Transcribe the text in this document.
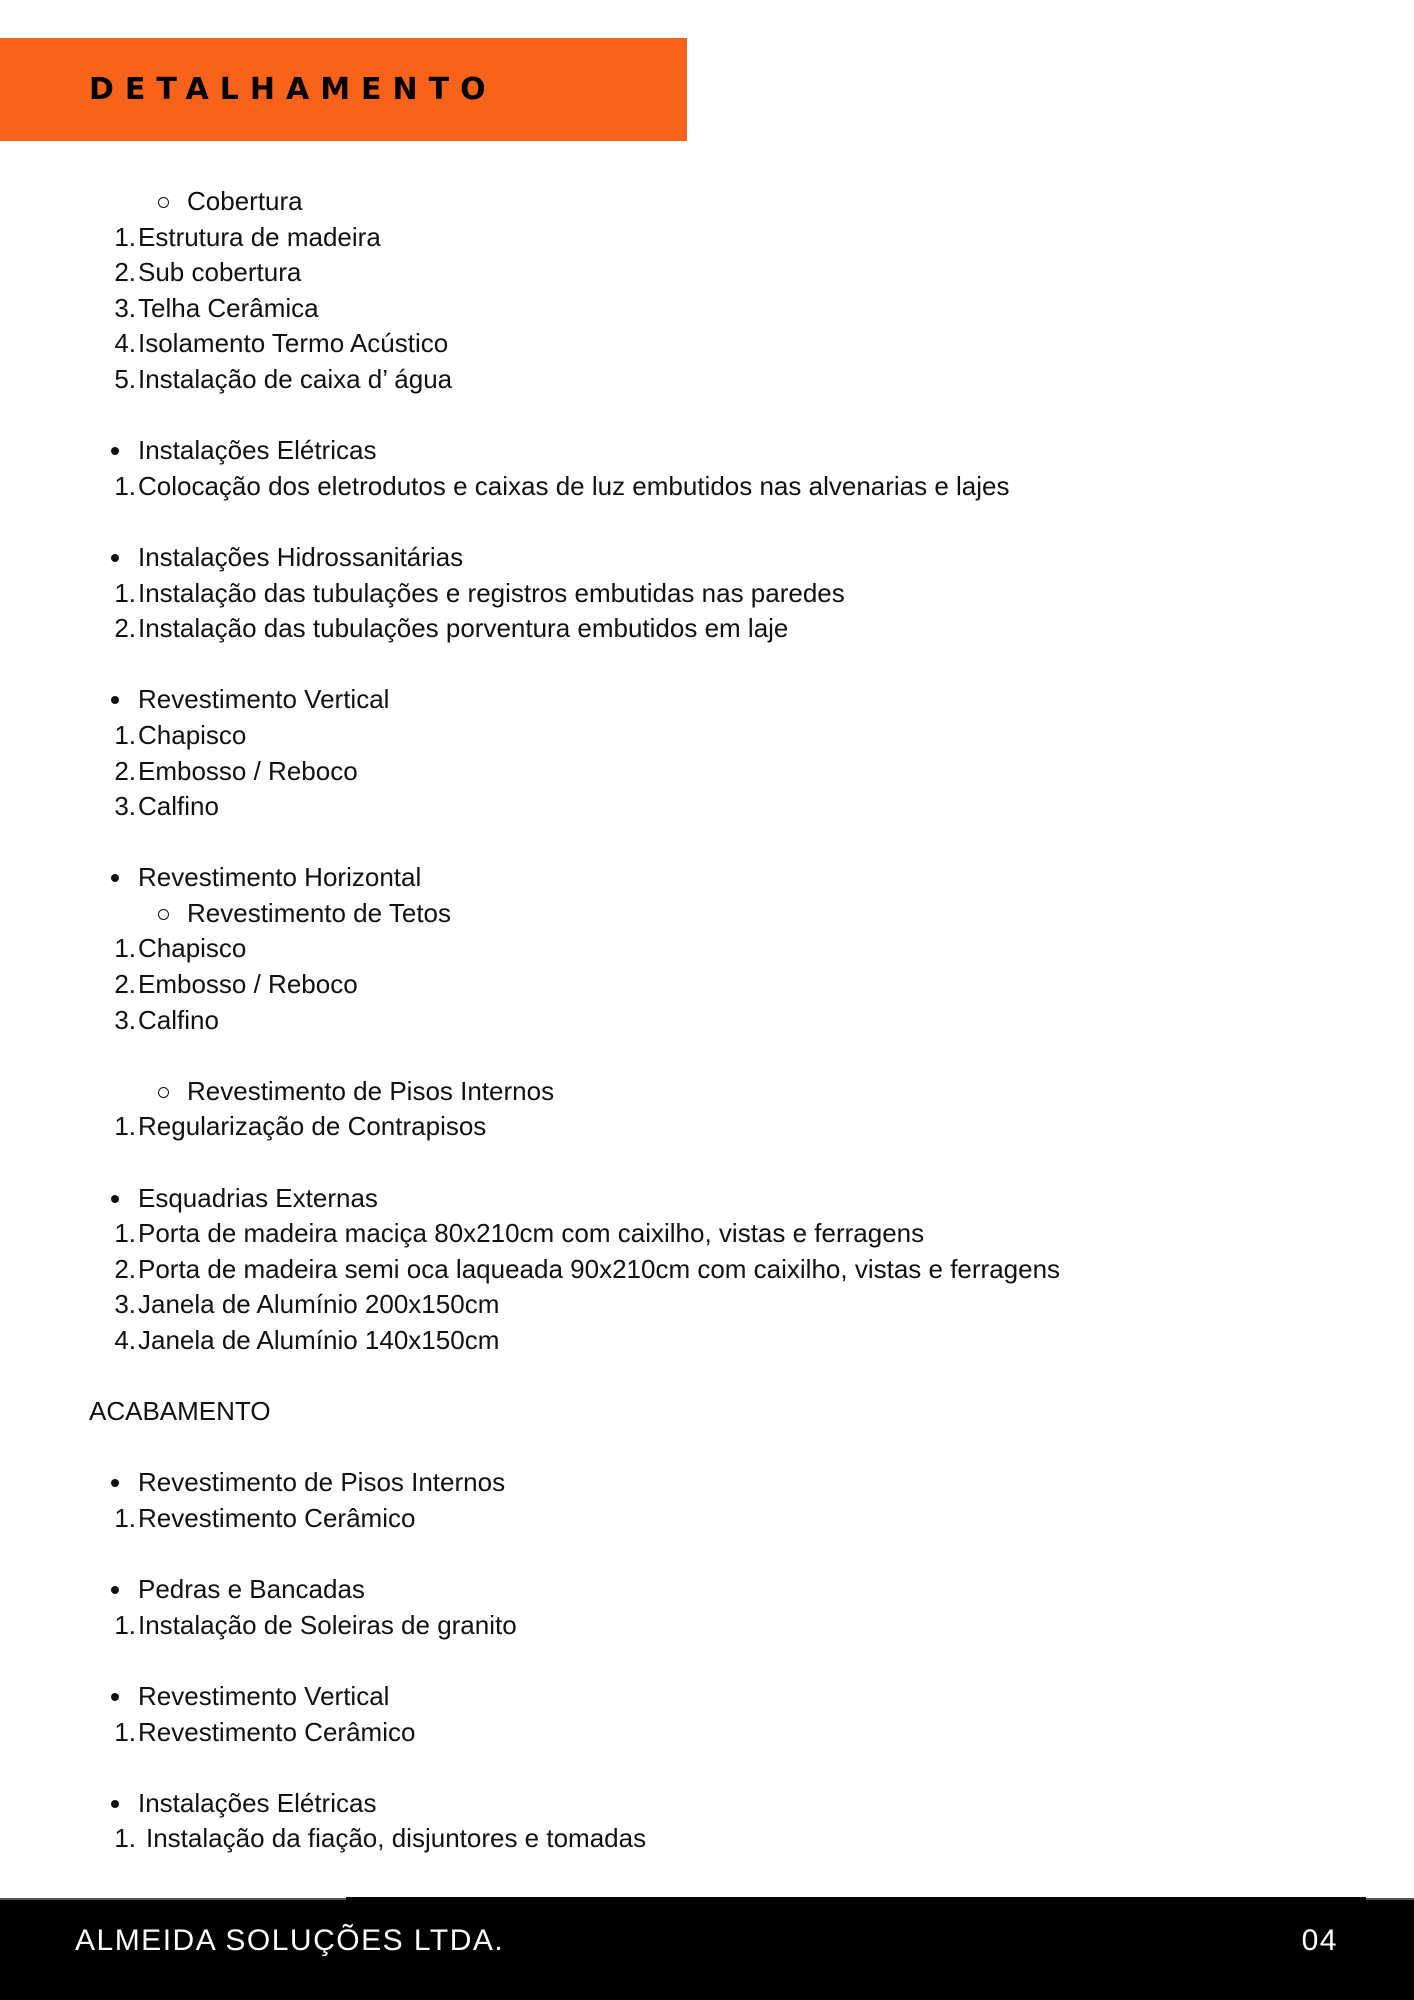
DETALHAMENTO
Cobertura
1. Estrutura de madeira
2. Sub cobertura
3. Telha Cerâmica
4. Isolamento Termo Acústico
5. Instalação de caixa d’ água
Instalações Elétricas
1. Colocação dos eletrodutos e caixas de luz embutidos nas alvenarias e lajes
Instalações Hidrossanitárias
1. Instalação das tubulações e registros embutidas nas paredes
2. Instalação das tubulações porventura embutidos em laje
Revestimento Vertical
1. Chapisco
2. Embosso / Reboco
3. Calfino
Revestimento Horizontal
Revestimento de Tetos
1. Chapisco
2. Embosso / Reboco
3. Calfino
Revestimento de Pisos Internos
1. Regularização de Contrapisos
Esquadrias Externas
1. Porta de madeira maciça 80x210cm com caixilho, vistas e ferragens
2. Porta de madeira semi oca laqueada 90x210cm com caixilho, vistas e ferragens
3. Janela de Alumínio 200x150cm
4. Janela de Alumínio 140x150cm
ACABAMENTO
Revestimento de Pisos Internos
1. Revestimento Cerâmico
Pedras e Bancadas
1. Instalação de Soleiras de granito
Revestimento Vertical
1. Revestimento Cerâmico
Instalações Elétricas
1. Instalação da fiação, disjuntores e tomadas
ALMEIDA SOLUÇÕES LTDA.	04
